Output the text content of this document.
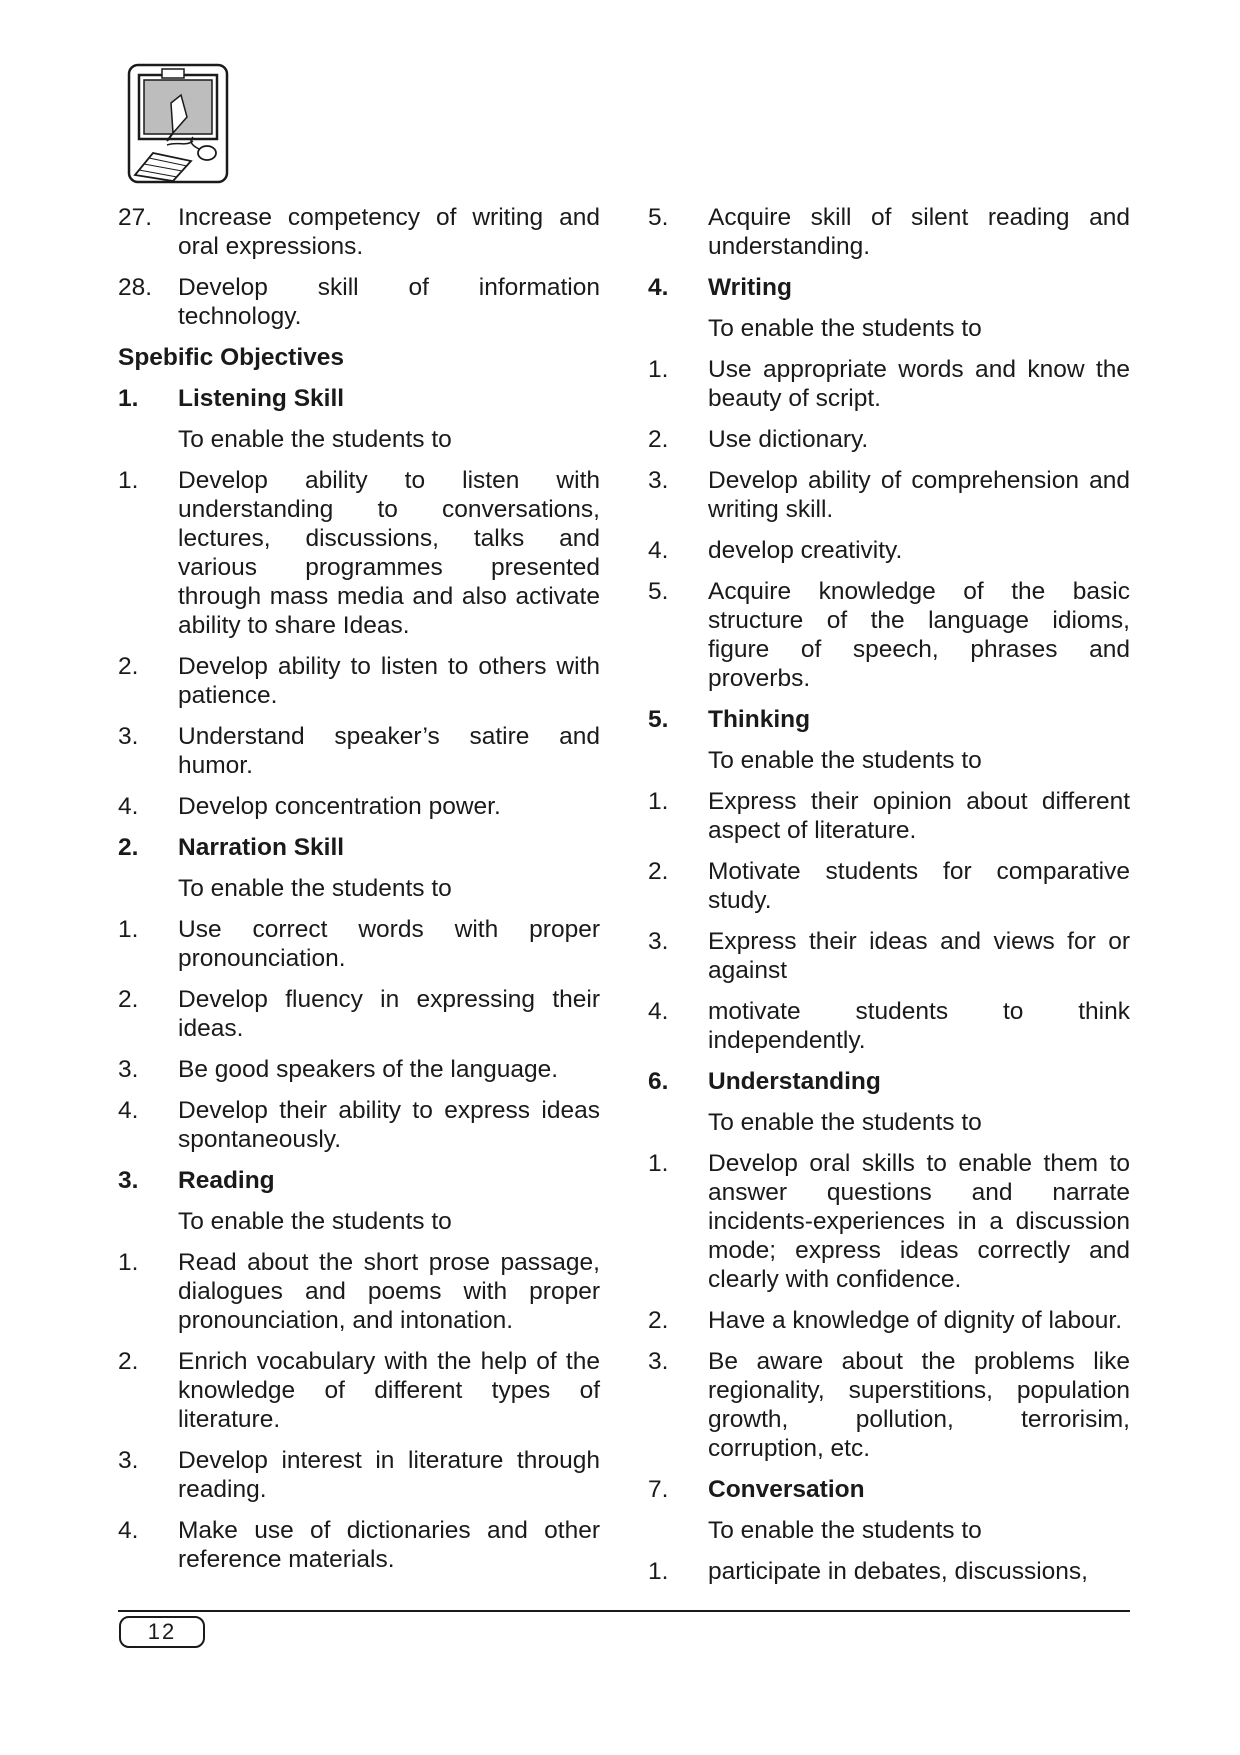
27.	Increase competency of writing and oral expressions.
28.	Develop skill of information technology.
Spebific Objectives
1.	Listening Skill
To enable the students to
1.	Develop ability to listen with understanding to conversations, lectures, discussions, talks and various programmes presented through mass media and also activate ability to share Ideas.
2.	Develop ability to listen to others with patience.
3.	Understand speaker’s satire and humor.
4.	Develop concentration power.
2.	Narration Skill
To enable the students to
1.	Use correct words with proper pronounciation.
2.	Develop fluency in expressing their ideas.
3.	Be good speakers of the language.
4.	Develop their ability to express ideas spontaneously.
3.	Reading
To enable the students to
1.	Read about the short prose passage, dialogues and poems with proper pronounciation, and intonation.
2.	Enrich vocabulary with the help of the knowledge of different types of literature.
3.	Develop interest in literature through reading.
4.	Make use of dictionaries and other reference materials.
5.	Acquire skill of silent reading and understanding.
4.	Writing
To enable the students to
1.	Use appropriate words and know the beauty of script.
2.	Use dictionary.
3.	Develop ability of comprehension and writing skill.
4.	develop creativity.
5.	Acquire knowledge of the basic structure of the language idioms, figure of speech, phrases and proverbs.
5.	Thinking
To enable the students to
1.	Express their opinion about different aspect of literature.
2.	Motivate students for comparative study.
3.	Express their ideas and views for or against
4.	motivate students to think independently.
6.	Understanding
To enable the students to
1.	Develop oral skills to enable them to answer questions and narrate incidents-experiences in a discussion mode; express ideas correctly and clearly with confidence.
2.	Have a knowledge of dignity of labour.
3.	Be aware about the problems like regionality, superstitions, population growth, pollution, terrorisim, corruption, etc.
7.	Conversation
To enable the students to
1.	participate in debates, discussions,
12
